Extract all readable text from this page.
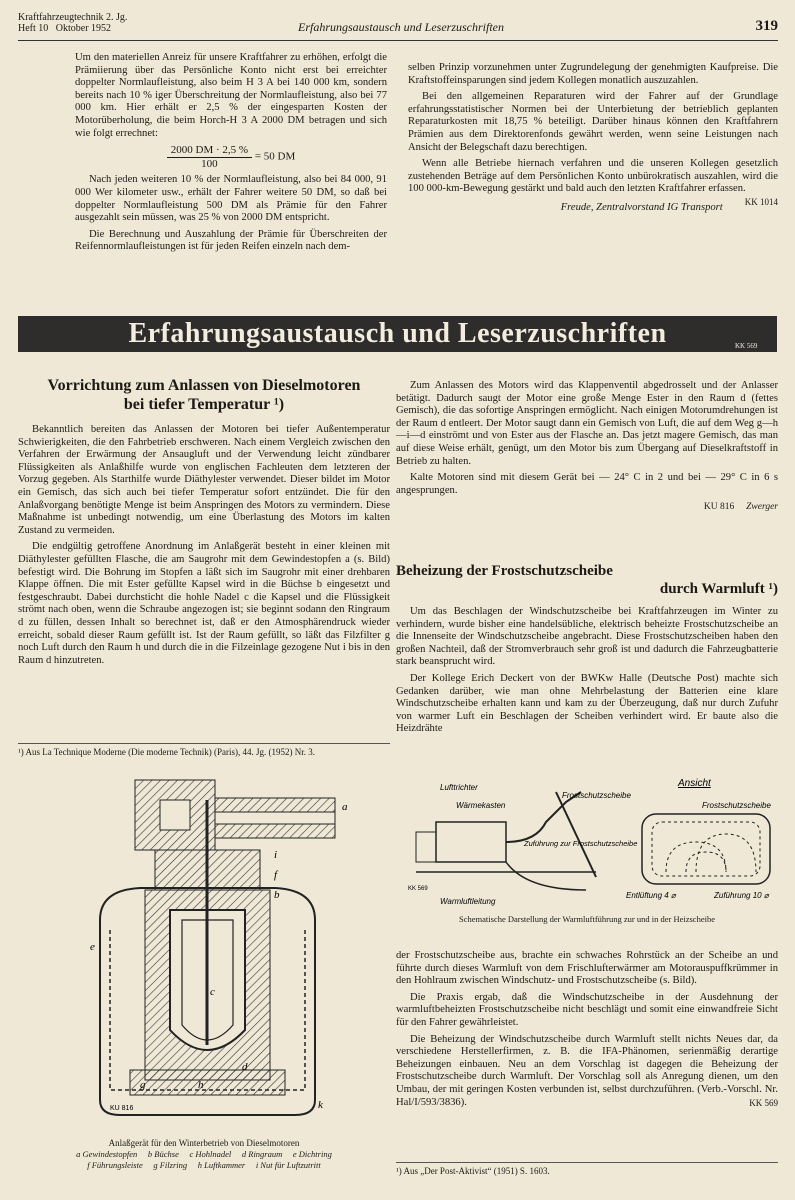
Kraftfahrzeugtechnik 2. Jg.
Heft 10 Oktober 1952	Erfahrungsaustausch und Leserzuschriften	319

Um den materiellen Anreiz für unsere Kraftfahrer zu erhöhen, erfolgt die Prämiierung über das Persönliche Konto nicht erst bei erreichter doppelter Normlaufleistung, also beim H 3 A bei 140 000 km, sondern bereits nach 10 % iger Überschreitung der Normlaufleistung, also bei 77 000 km. Hier erhält er 2,5 % der eingesparten Kosten der Motorüberholung, die beim Horch-H 3 A 2000 DM betragen und sich wie folgt errechnet:

$\frac{2000 DM \cdot 2,5 \%}{100} = 50$ DM

Nach jeden weiteren 10 % der Normlaufleistung, also bei 84 000, 91 000 Wer kilometer usw., erhält der Fahrer weitere 50 DM, so daß bei doppelter Normlaufleistung 500 DM als Prämie für den Fahrer ausgezahlt sein müssen, was 25 % von 2000 DM entspricht.

Die Berechnung und Auszahlung der Prämie für Überschreiten der Reifennormlaufleistungen ist für jeden Reifen einzeln nach dem-

selben Prinzip vorzunehmen unter Zugrundelegung der genehmigten Kaufpreise. Die Kraftstoffeinsparungen sind jedem Kollegen monatlich auszuzahlen.

Bei den allgemeinen Reparaturen wird der Fahrer auf der Grundlage erfahrungsstatistischer Normen bei der Unterbietung der betrieblich geplanten Reparaturkosten mit 18,75 % beteiligt. Darüber hinaus können den Kraftfahrern Prämien aus dem Direktorenfonds gewährt werden, wenn seine Leistungen nach Ansicht der Belegschaft dazu berechtigen.

Wenn alle Betriebe hiernach verfahren und die unseren Kollegen gesetzlich zustehenden Beträge auf dem Persönlichen Konto unbürokratisch auszahlen, wird die 100 000-km-Bewegung gestärkt und bald auch den letzten Kraftfahrer erfassen.
KK 1014

Freude, Zentralvorstand IG Transport
Erfahrungsaustausch und Leserzuschriften	KK 569
Vorrichtung zum Anlassen von Dieselmotoren
bei tiefer Temperatur ¹)

Bekanntlich bereiten das Anlassen der Motoren bei tiefer Außentemperatur Schwierigkeiten, die den Fahrbetrieb erschweren. Nach einem Vergleich zwischen den Verfahren der Erwärmung der Ansaugluft und der Verwendung leicht zündbarer Flüssigkeiten als Anlaßhilfe wurde von englischen Fachleuten dem letzteren der Vorzug gegeben. Als Starthilfe wurde Diäthylester verwendet. Dieser bildet im Motor ein Gemisch, das sich auch bei tiefer Temperatur sofort entzündet. Die für den Anlaßvorgang benötigte Menge ist beim Anspringen des Motors zu vermindern. Diese Maßnahme ist unbedingt notwendig, um eine Überlastung des Motors im kalten Zustand zu vermeiden.

Die endgültig getroffene Anordnung im Anlaßgerät besteht in einer kleinen mit Diäthylester gefüllten Flasche, die am Saugrohr mit dem Gewindestopfen a (s. Bild) befestigt wird. Die Bohrung im Stopfen a läßt sich im Saugrohr mit einer drehbaren Klappe öffnen. Die mit Ester gefüllte Kapsel wird in die Büchse b eingesetzt und festgeschraubt. Dabei durchsticht die hohle Nadel c die Kapsel und die Flüssigkeit strömt nach oben, wenn die Schraube angezogen ist; sie beginnt sodann den Ringraum d zu füllen, dessen Inhalt so berechnet ist, daß er den Atmosphärendruck wieder erreicht, sobald dieser Raum gefüllt ist. Ist der Raum gefüllt, so läßt das Filzfilter g noch Luft durch den Raum h und durch die in die Filzeinlage gezogene Nut i bis in den Raum d hinzutreten.

¹) Aus La Technique Moderne (Die moderne Technik) (Paris), 44. Jg. (1952) Nr. 3.
a
b
c
d
e
f
g	h
i
k
KU 816
Anlaßgerät für den Winterbetrieb von Dieselmotoren
a Gewindestopfen     b Büchse     c Hohlnadel     d Ringraum     e Dichtring
f Führungsleiste     g Filzring     h Luftkammer     i Nut für Luftzutritt

Zum Anlassen des Motors wird das Klappenventil abgedrosselt und der Anlasser betätigt. Dadurch saugt der Motor eine große Menge Ester in den Raum d (fettes Gemisch), die das sofortige Anspringen ermöglicht. Nach einigen Motorumdrehungen ist der Raum d entleert. Der Motor saugt dann ein Gemisch von Luft, die auf dem Weg g—h—i—d einströmt und von Ester aus der Flasche an. Das jetzt magere Gemisch, das man auf diese Weise erhält, genügt, um den Motor bis zum Übergang auf Dieselkraftstoff in Betrieb zu halten.

Kalte Motoren sind mit diesem Gerät bei — 24° C in 2 und bei — 29° C in 6 s angesprungen.

KU 816 Zwerger
Beheizung der Frostschutzscheibe
durch Warmluft ¹)

Um das Beschlagen der Windschutzscheibe bei Kraftfahrzeugen im Winter zu verhindern, wurde bisher eine handelsübliche, elektrisch beheizte Frostschutzscheibe an die Innenseite der Windschutzscheibe angebracht. Diese Frostschutzscheiben haben den großen Nachteil, daß der Stromverbrauch sehr groß ist und dadurch die Fahrzeugbatterie stark beansprucht wird.

Der Kollege Erich Deckert von der BWKw Halle (Deutsche Post) machte sich Gedanken darüber, wie man ohne Mehrbelastung der Batterien eine klare Windschutzscheibe erhalten kann und kam zu der Überzeugung, daß nur durch Zufuhr von warmer Luft ein Beschlagen der Scheiben verhindert wird. Er baute also die Heizdrähte

Lufttrichter
Wärmekasten
Frostschutzscheibe
Zuführung zur Frostschutzscheibe
Warmluftleitung
KK 569
Ansicht
Frostschutzscheibe
Entlüftung 4 ⌀	Zuführung 10 ⌀
Schematische Darstellung der Warmluftführung zur und in der Heizscheibe

der Frostschutzscheibe aus, brachte ein schwaches Rohrstück an der Scheibe an und führte durch dieses Warmluft von dem Frischlufterwärmer am Motorauspuffkrümmer in den Hohlraum zwischen Windschutz- und Frostschutzscheibe (s. Bild).

Die Praxis ergab, daß die Windschutzscheibe in der Ausdehnung der warmluftbeheizten Frostschutzscheibe nicht beschlägt und somit eine einwandfreie Sicht für den Fahrer gewährleistet.

Die Beheizung der Windschutzscheibe durch Warmluft stellt nichts Neues dar, da verschiedene Herstellerfirmen, z. B. die IFA-Phänomen, serienmäßig derartige Beheizungen einbauen. Neu an dem Vorschlag ist dagegen die Beheizung der Frostschutzscheibe durch Warmluft. Der Vorschlag soll als Anregung dienen, um den Umbau, der mit geringen Kosten verbunden ist, selbst durchzuführen. (Verb.-Vorschl. Nr. Hal/I/593/3836).	KK 569

¹) Aus „Der Post-Aktivist“ (1951) S. 1603.
